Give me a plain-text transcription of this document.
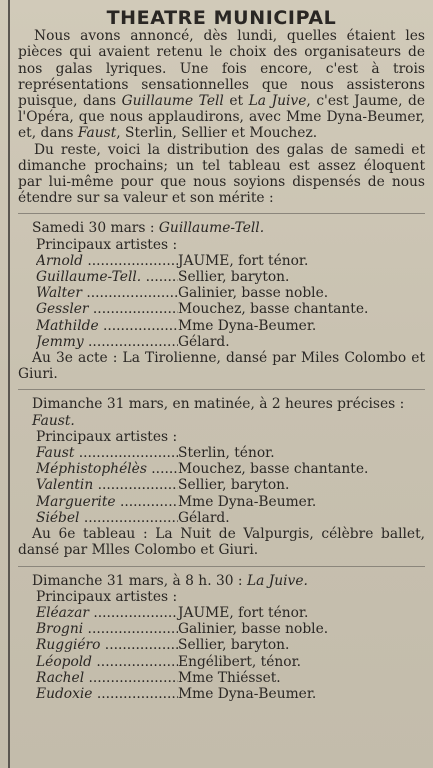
THEATRE MUNICIPAL

Nous avons annoncé, dès lundi, quelles étaient les pièces qui avaient retenu le choix des organisateurs de nos galas lyriques. Une fois encore, c'est à trois représentations sensationnelles que nous assisterons puisque, dans Guillaume Tell et La Juive, c'est Jaume, de l'Opéra, que nous applaudirons, avec Mme Dyna-Beumer, et, dans Faust, Sterlin, Sellier et Mouchez.

Du reste, voici la distribution des galas de samedi et dimanche prochains; un tel tableau est assez éloquent par lui-même pour que nous soyions dispensés de nous étendre sur sa valeur et son mérite :

Samedi 30 mars : Guillaume-Tell.
Principaux artistes :
Arnold .....	JAUME, fort ténor.
Guillaume-Tell. .....	Sellier, baryton.
Walter .....	Galinier, basse noble.
Gessler .....	Mouchez, basse chantante.
Mathilde .....	Mme Dyna-Beumer.
Jemmy .....	Gélard.

Au 3e acte : La Tirolienne, dansé par Miles Colombo et Giuri.

Dimanche 31 mars, en matinée, à 2 heures précises : Faust.
Principaux artistes :
Faust .....	Sterlin, ténor.
Méphistophélès .....	Mouchez, basse chantante.
Valentin .....	Sellier, baryton.
Marguerite .....	Mme Dyna-Beumer.
Siébel .....	Gélard.

Au 6e tableau : La Nuit de Valpurgis, célèbre ballet, dansé par Mlles Colombo et Giuri.

Dimanche 31 mars, à 8 h. 30 : La Juive.
Principaux artistes :
Eléazar .....	JAUME, fort ténor.
Brogni .....	Galinier, basse noble.
Ruggiéro .....	Sellier, baryton.
Léopold .....	Engélibert, ténor.
Rachel .....	Mme Thiésset.
Eudoxie .....	Mme Dyna-Beumer.
